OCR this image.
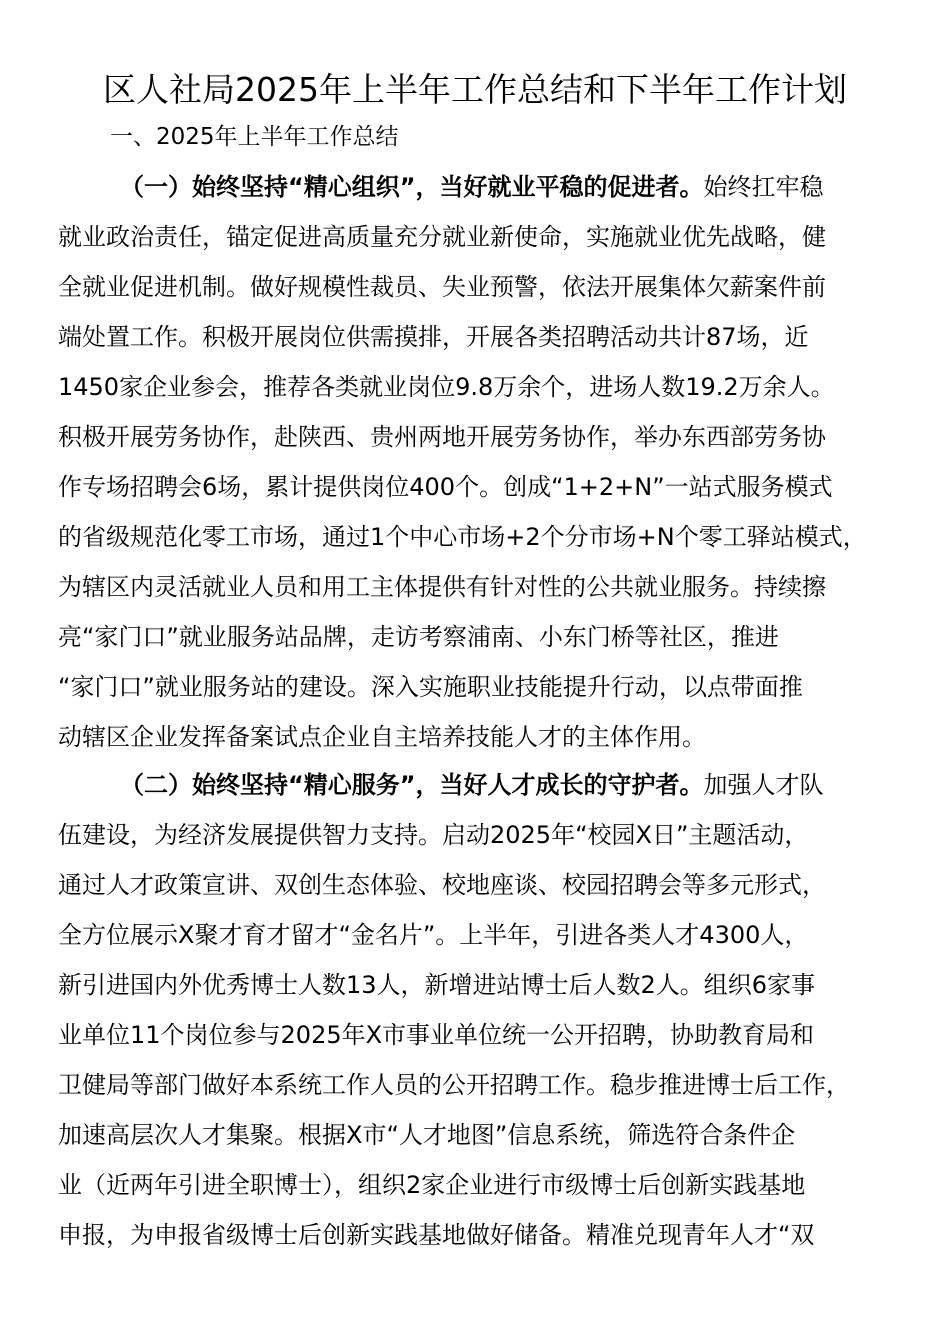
区人社局2025年上半年工作总结和下半年工作计划
一、2025年上半年工作总结
（一）始终坚持“精心组织”，当好就业平稳的促进者。始终扛牢稳
就业政治责任，锚定促进高质量充分就业新使命，实施就业优先战略，健
全就业促进机制。做好规模性裁员、失业预警，依法开展集体欠薪案件前
端处置工作。积极开展岗位供需摸排，开展各类招聘活动共计87场，近
1450家企业参会，推荐各类就业岗位9.8万余个，进场人数19.2万余人。
积极开展劳务协作，赴陕西、贵州两地开展劳务协作，举办东西部劳务协
作专场招聘会6场，累计提供岗位400个。创成“1+2+N”一站式服务模式
的省级规范化零工市场，通过1个中心市场+2个分市场+N个零工驿站模式，
为辖区内灵活就业人员和用工主体提供有针对性的公共就业服务。持续擦
亮“家门口”就业服务站品牌，走访考察浦南、小东门桥等社区，推进
“家门口”就业服务站的建设。深入实施职业技能提升行动，以点带面推
动辖区企业发挥备案试点企业自主培养技能人才的主体作用。
（二）始终坚持“精心服务”，当好人才成长的守护者。加强人才队
伍建设，为经济发展提供智力支持。启动2025年“校园X日”主题活动，
通过人才政策宣讲、双创生态体验、校地座谈、校园招聘会等多元形式，
全方位展示X聚才育才留才“金名片”。上半年，引进各类人才4300人，
新引进国内外优秀博士人数13人，新增进站博士后人数2人。组织6家事
业单位11个岗位参与2025年X市事业单位统一公开招聘，协助教育局和
卫健局等部门做好本系统工作人员的公开招聘工作。稳步推进博士后工作，
加速高层次人才集聚。根据X市“人才地图”信息系统，筛选符合条件企
业（近两年引进全职博士），组织2家企业进行市级博士后创新实践基地
申报，为申报省级博士后创新实践基地做好储备。精准兑现青年人才“双
